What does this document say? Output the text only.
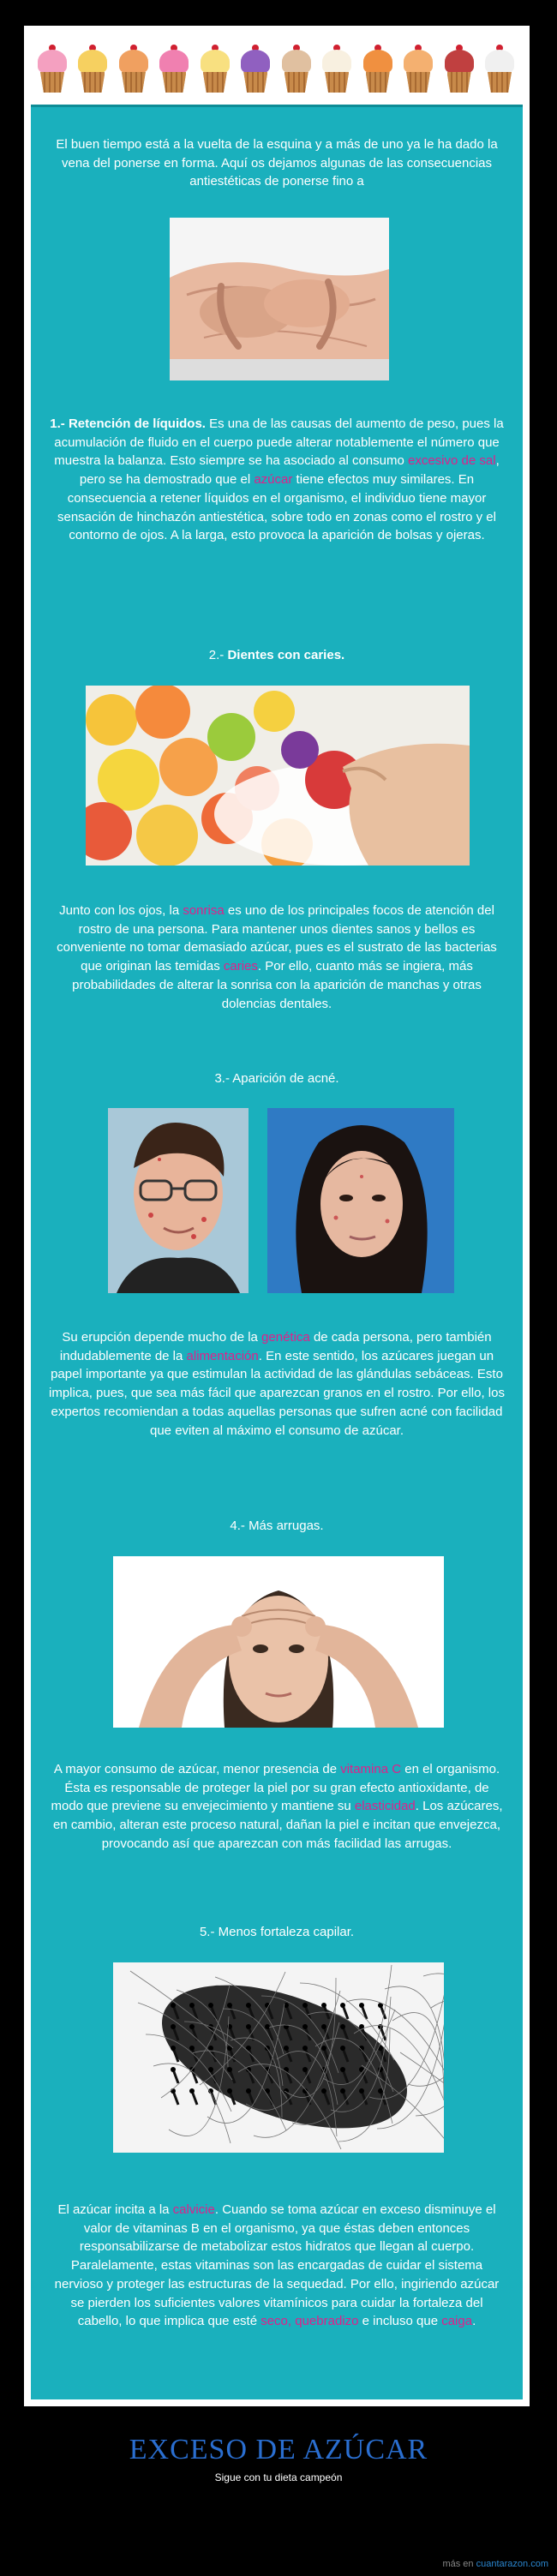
El buen tiempo está a la vuelta de la esquina y a más de uno ya le ha dado la vena del ponerse en forma. Aquí os dejamos algunas de las consecuencias antiestéticas de ponerse fino a

1.- Retención de líquidos. Es una de las causas del aumento de peso, pues la acumulación de fluido en el cuerpo puede alterar notablemente el número que muestra la balanza. Esto siempre se ha asociado al consumo excesivo de sal, pero se ha demostrado que el azúcar tiene efectos muy similares. En consecuencia a retener líquidos en el organismo, el individuo tiene mayor sensación de hinchazón antiestética, sobre todo en zonas como el rostro y el contorno de ojos. A la larga, esto provoca la aparición de bolsas y ojeras.

2.- Dientes con caries.

Junto con los ojos, la sonrisa es uno de los principales focos de atención del rostro de una persona. Para mantener unos dientes sanos y bellos es conveniente no tomar demasiado azúcar, pues es el sustrato de las bacterias que originan las temidas caries. Por ello, cuanto más se ingiera, más probabilidades de alterar la sonrisa con la aparición de manchas y otras dolencias dentales.

3.- Aparición de acné.

Su erupción depende mucho de la genética de cada persona, pero también indudablemente de la alimentación. En este sentido, los azúcares juegan un papel importante ya que estimulan la actividad de las glándulas sebáceas. Esto implica, pues, que sea más fácil que aparezcan granos en el rostro. Por ello, los expertos recomiendan a todas aquellas personas que sufren acné con facilidad que eviten al máximo el consumo de azúcar.

4.- Más arrugas.

A mayor consumo de azúcar, menor presencia de vitamina C en el organismo. Ésta es responsable de proteger la piel por su gran efecto antioxidante, de modo que previene su envejecimiento y mantiene su elasticidad. Los azúcares, en cambio, alteran este proceso natural, dañan la piel e incitan que envejezca, provocando así que aparezcan con más facilidad las arrugas.

5.- Menos fortaleza capilar.

El azúcar incita a la calvicie. Cuando se toma azúcar en exceso disminuye el valor de vitaminas B en el organismo, ya que éstas deben entonces responsabilizarse de metabolizar estos hidratos que llegan al cuerpo. Paralelamente, estas vitaminas son las encargadas de cuidar el sistema nervioso y proteger las estructuras de la sequedad. Por ello, ingiriendo azúcar se pierden los suficientes valores vitamínicos para cuidar la fortaleza del cabello, lo que implica que esté seco, quebradizo e incluso que caiga.

EXCESO DE AZÚCAR
Sigue con tu dieta campeón
más en cuantarazon.com
